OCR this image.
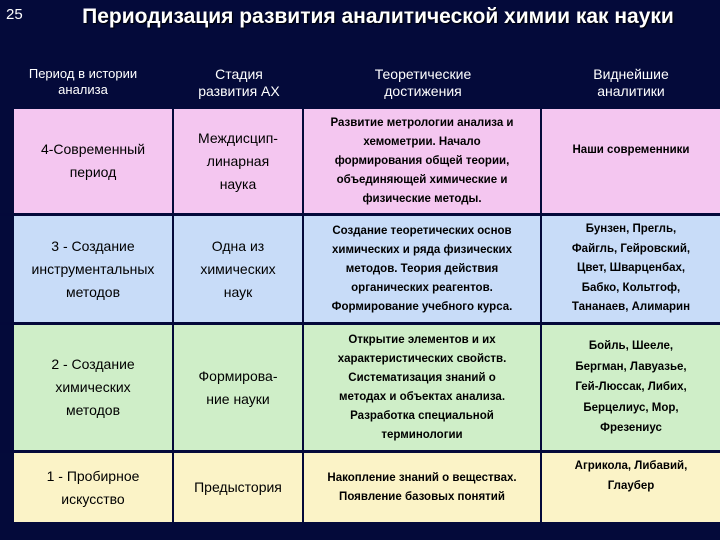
25	Периодизация развития аналитической химии как науки
Период в истории
анализа
Стадия
развития АХ
Теоретические
достижения
Виднейшие
аналитики
4-Современный
период
Междисцип-
линарная
наука
Развитие метрологии анализа и
хемометрии. Начало
формирования общей теории,
объединяющей химические и
физические методы.
Наши современники
3 - Создание
инструментальных
методов
Одна из
химических
наук
Создание теоретических основ
химических и ряда физических
методов. Теория действия
органических реагентов.
Формирование учебного курса.
Бунзен, Прегль,
Файгль, Гейровский,
Цвет, Шварценбах,
Бабко, Кольтгоф,
Тананаев, Алимарин
2 - Создание
химических
методов
Формирова-
ние науки
Открытие элементов и их
характеристических свойств.
Систематизация знаний о
методах и объектах анализа.
Разработка специальной
терминологии
Бойль, Шееле,
Бергман, Лавуазье,
Гей-Люссак, Либих,
Берцелиус, Мор,
Фрезениус
1 - Пробирное
искусство
Предыстория
Накопление знаний о веществах.
Появление базовых понятий
Агрикола, Либавий,
Глаубер
